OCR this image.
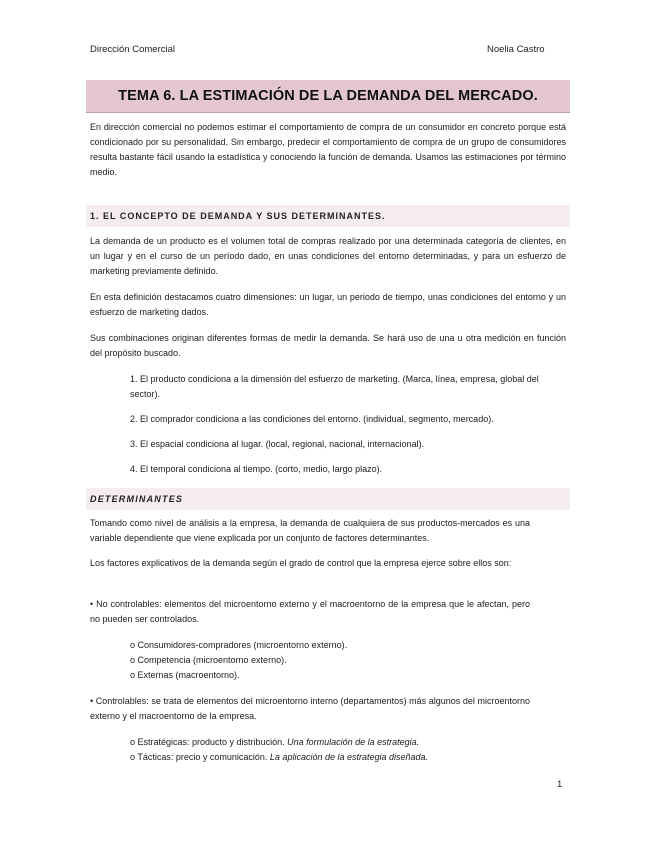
Dirección Comercial	Noelia Castro
TEMA 6. LA ESTIMACIÓN DE LA DEMANDA DEL MERCADO.
En dirección comercial no podemos estimar el comportamiento de compra de un consumidor en concreto porque está condicionado por su personalidad. Sin embargo, predecir el comportamiento de compra de un grupo de consumidores resulta bastante fácil usando la estadística y conociendo la función de demanda. Usamos las estimaciones por término medio.
1. EL CONCEPTO DE DEMANDA Y SUS DETERMINANTES.
La demanda de un producto es el volumen total de compras realizado por una determinada categoría de clientes, en un lugar y en el curso de un período dado, en unas condiciones del entorno determinadas, y para un esfuerzo de marketing previamente definido.
En esta definición destacamos cuatro dimensiones: un lugar, un periodo de tiempo, unas condiciones del entorno y un esfuerzo de marketing dados.
Sus combinaciones originan diferentes formas de medir la demanda. Se hará uso de una u otra medición en función del propósito buscado.
1. El producto condiciona a la dimensión del esfuerzo de marketing. (Marca, línea, empresa, global del sector).
2. El comprador condiciona a las condiciones del entorno. (individual, segmento, mercado).
3. El espacial condiciona al lugar. (local, regional, nacional, internacional).
4. El temporal condiciona al tiempo. (corto, medio, largo plazo).
DETERMINANTES
Tomando como nivel de análisis a la empresa, la demanda de cualquiera de sus productos-mercados es una variable dependiente que viene explicada por un conjunto de factores determinantes.
Los factores explicativos de la demanda según el grado de control que la empresa ejerce sobre ellos son:
• No controlables: elementos del microentorno externo y el macroentorno de la empresa que le afectan, pero no pueden ser controlados.
o Consumidores-compradores (microentorno externo).
o Competencia (microentorno externo).
o Externas (macroentorno).
• Controlables: se trata de elementos del microentorno interno (departamentos) más algunos del microentorno externo y el macroentorno de la empresa.
o Estratégicas: producto y distribución. Una formulación de la estrategia.
o Tácticas: precio y comunicación. La aplicación de la estrategia diseñada.
1
